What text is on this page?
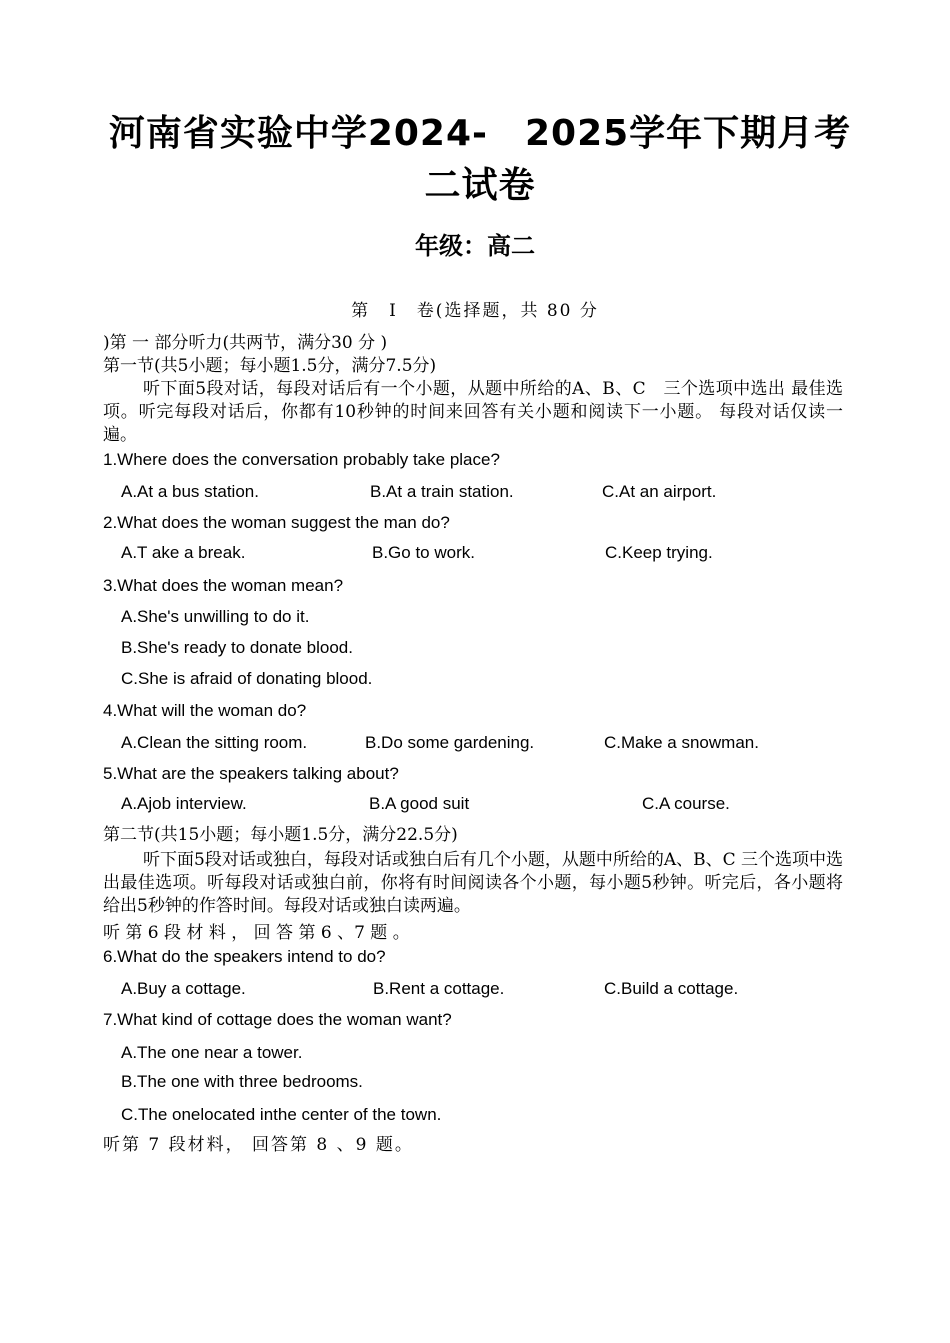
河南省实验中学2024-　2025学年下期月考二试卷
年级：高二
第　I　卷(选择题，共 80 分
)第 一 部分听力(共两节，满分30 分 )
第一节(共5小题；每小题1.5分，满分7.5分)
听下面5段对话，每段对话后有一个小题，从题中所给的A、B、C　三个选项中选出 最佳选项。听完每段对话后，你都有10秒钟的时间来回答有关小题和阅读下一小题。 每段对话仅读一遍。
1.Where does the conversation probably take place?
A.At a bus station.	B.At a train station.	C.At an airport.
2.What does the woman suggest the man do?
A.T ake a break.	B.Go to work.	C.Keep trying.
3.What does the woman mean?
A.She's unwilling to do it.
B.She's ready to donate blood.
C.She is afraid of donating blood.
4.What will the woman do?
A.Clean the sitting room.	B.Do some gardening.	C.Make a snowman.
5.What are the speakers talking about?
A.Ajob interview.	B.A good suit	C.A course.
第二节(共15小题；每小题1.5分，满分22.5分)
听下面5段对话或独白，每段对话或独白后有几个小题，从题中所给的A、B、C 三个选项中选出最佳选项。听每段对话或独白前，你将有时间阅读各个小题，每小题5秒钟。听完后，各小题将给出5秒钟的作答时间。每段对话或独白读两遍。
听 第 6 段 材 料 ， 回 答 第 6 、7 题 。
6.What do the speakers intend to do?
A.Buy a cottage.	B.Rent a cottage.	C.Build a cottage.
7.What kind of cottage does the woman want?
A.The one near a tower.
B.The one with three bedrooms.
C.The onelocated inthe center of the town.
听第 7 段材料， 回答第 8 、9 题。
